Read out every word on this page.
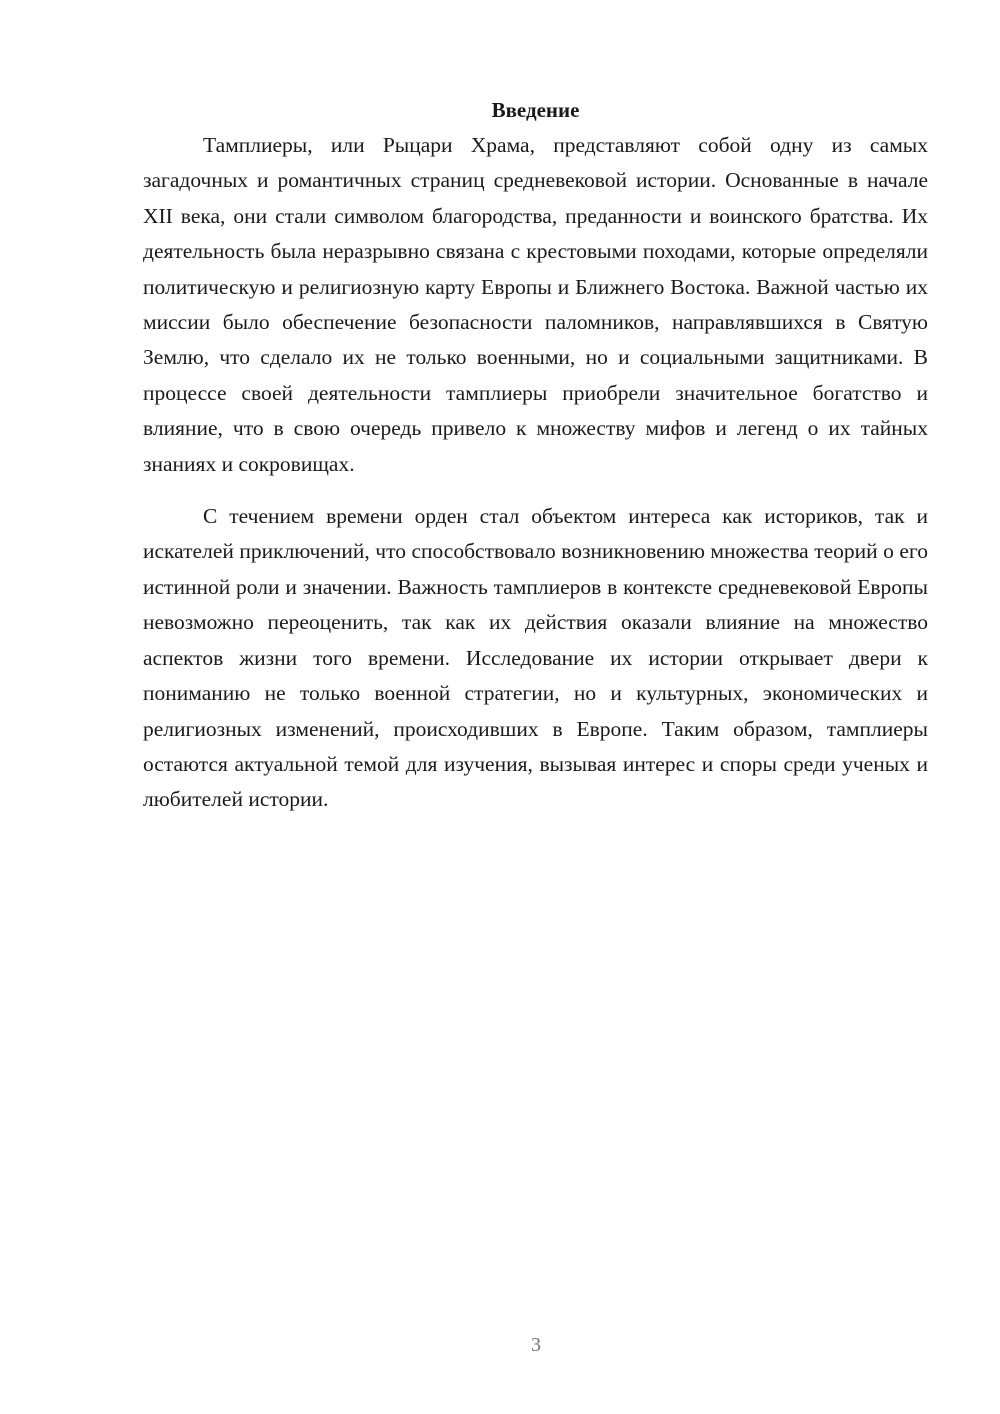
Введение

Тамплиеры, или Рыцари Храма, представляют собой одну из самых загадочных и романтичных страниц средневековой истории. Основанные в начале XII века, они стали символом благородства, преданности и воинского братства. Их деятельность была неразрывно связана с крестовыми походами, которые определяли политическую и религиозную карту Европы и Ближнего Востока. Важной частью их миссии было обеспечение безопасности паломников, направлявшихся в Святую Землю, что сделало их не только военными, но и социальными защитниками. В процессе своей деятельности тамплиеры приобрели значительное богатство и влияние, что в свою очередь привело к множеству мифов и легенд о их тайных знаниях и сокровищах.

С течением времени орден стал объектом интереса как историков, так и искателей приключений, что способствовало возникновению множества теорий о его истинной роли и значении. Важность тамплиеров в контексте средневековой Европы невозможно переоценить, так как их действия оказали влияние на множество аспектов жизни того времени. Исследование их истории открывает двери к пониманию не только военной стратегии, но и культурных, экономических и религиозных изменений, происходивших в Европе. Таким образом, тамплиеры остаются актуальной темой для изучения, вызывая интерес и споры среди ученых и любителей истории.

3
